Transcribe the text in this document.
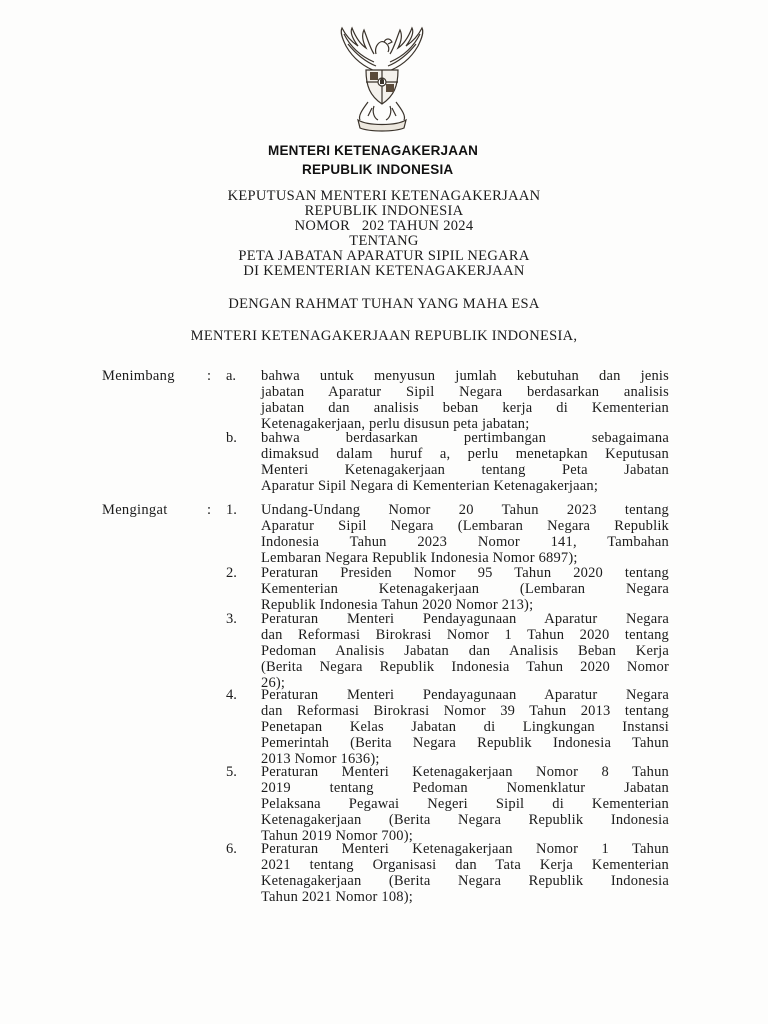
MENTERI KETENAGAKERJAAN
REPUBLIK INDONESIA
KEPUTUSAN MENTERI KETENAGAKERJAAN
REPUBLIK INDONESIA
NOMOR 202 TAHUN 2024
TENTANG
PETA JABATAN APARATUR SIPIL NEGARA
DI KEMENTERIAN KETENAGAKERJAAN
DENGAN RAHMAT TUHAN YANG MAHA ESA
MENTERI KETENAGAKERJAAN REPUBLIK INDONESIA,
Menimbang : a. bahwa untuk menyusun jumlah kebutuhan dan jenis
jabatan Aparatur Sipil Negara berdasarkan analisis
jabatan dan analisis beban kerja di Kementerian
Ketenagakerjaan, perlu disusun peta jabatan;
b. bahwa berdasarkan pertimbangan sebagaimana
dimaksud dalam huruf a, perlu menetapkan Keputusan
Menteri Ketenagakerjaan tentang Peta Jabatan
Aparatur Sipil Negara di Kementerian Ketenagakerjaan;
Mengingat	: 1. Undang-Undang Nomor 20 Tahun 2023 tentang
Aparatur Sipil Negara (Lembaran Negara Republik
Indonesia Tahun 2023 Nomor 141, Tambahan
Lembaran Negara Republik Indonesia Nomor 6897);
2. Peraturan Presiden Nomor 95 Tahun 2020 tentang
Kementerian Ketenagakerjaan (Lembaran Negara
Republik Indonesia Tahun 2020 Nomor 213);
3. Peraturan Menteri Pendayagunaan Aparatur Negara
dan Reformasi Birokrasi Nomor 1 Tahun 2020 tentang
Pedoman Analisis Jabatan dan Analisis Beban Kerja
(Berita Negara Republik Indonesia Tahun 2020 Nomor
26);
4. Peraturan Menteri Pendayagunaan Aparatur Negara
dan Reformasi Birokrasi Nomor 39 Tahun 2013 tentang
Penetapan Kelas Jabatan di Lingkungan Instansi
Pemerintah (Berita Negara Republik Indonesia Tahun
2013 Nomor 1636);
5. Peraturan Menteri Ketenagakerjaan Nomor 8 Tahun
2019 tentang Pedoman Nomenklatur Jabatan
Pelaksana Pegawai Negeri Sipil di Kementerian
Ketenagakerjaan (Berita Negara Republik Indonesia
Tahun 2019 Nomor 700);
6. Peraturan Menteri Ketenagakerjaan Nomor 1 Tahun
2021 tentang Organisasi dan Tata Kerja Kementerian
Ketenagakerjaan (Berita Negara Republik Indonesia
Tahun 2021 Nomor 108);
